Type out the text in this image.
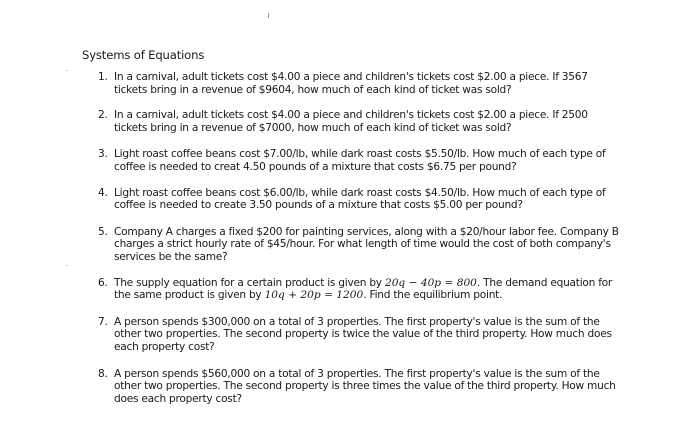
Systems of Equations
1. In a carnival, adult tickets cost $4.00 a piece and children's tickets cost $2.00 a piece. If 3567 tickets bring in a revenue of $9604, how much of each kind of ticket was sold?
2. In a carnival, adult tickets cost $4.00 a piece and children's tickets cost $2.00 a piece. If 2500 tickets bring in a revenue of $7000, how much of each kind of ticket was sold?
3. Light roast coffee beans cost $7.00/lb, while dark roast costs $5.50/lb. How much of each type of coffee is needed to creat 4.50 pounds of a mixture that costs $6.75 per pound?
4. Light roast coffee beans cost $6.00/lb, while dark roast costs $4.50/lb. How much of each type of coffee is needed to create 3.50 pounds of a mixture that costs $5.00 per pound?
5. Company A charges a fixed $200 for painting services, along with a $20/hour labor fee. Company B charges a strict hourly rate of $45/hour. For what length of time would the cost of both company's services be the same?
6. The supply equation for a certain product is given by 20q − 40p = 800. The demand equation for the same product is given by 10q + 20p = 1200. Find the equilibrium point.
7. A person spends $300,000 on a total of 3 properties. The first property's value is the sum of the other two properties. The second property is twice the value of the third property. How much does each property cost?
8. A person spends $560,000 on a total of 3 properties. The first property's value is the sum of the other two properties. The second property is three times the value of the third property. How much does each property cost?
